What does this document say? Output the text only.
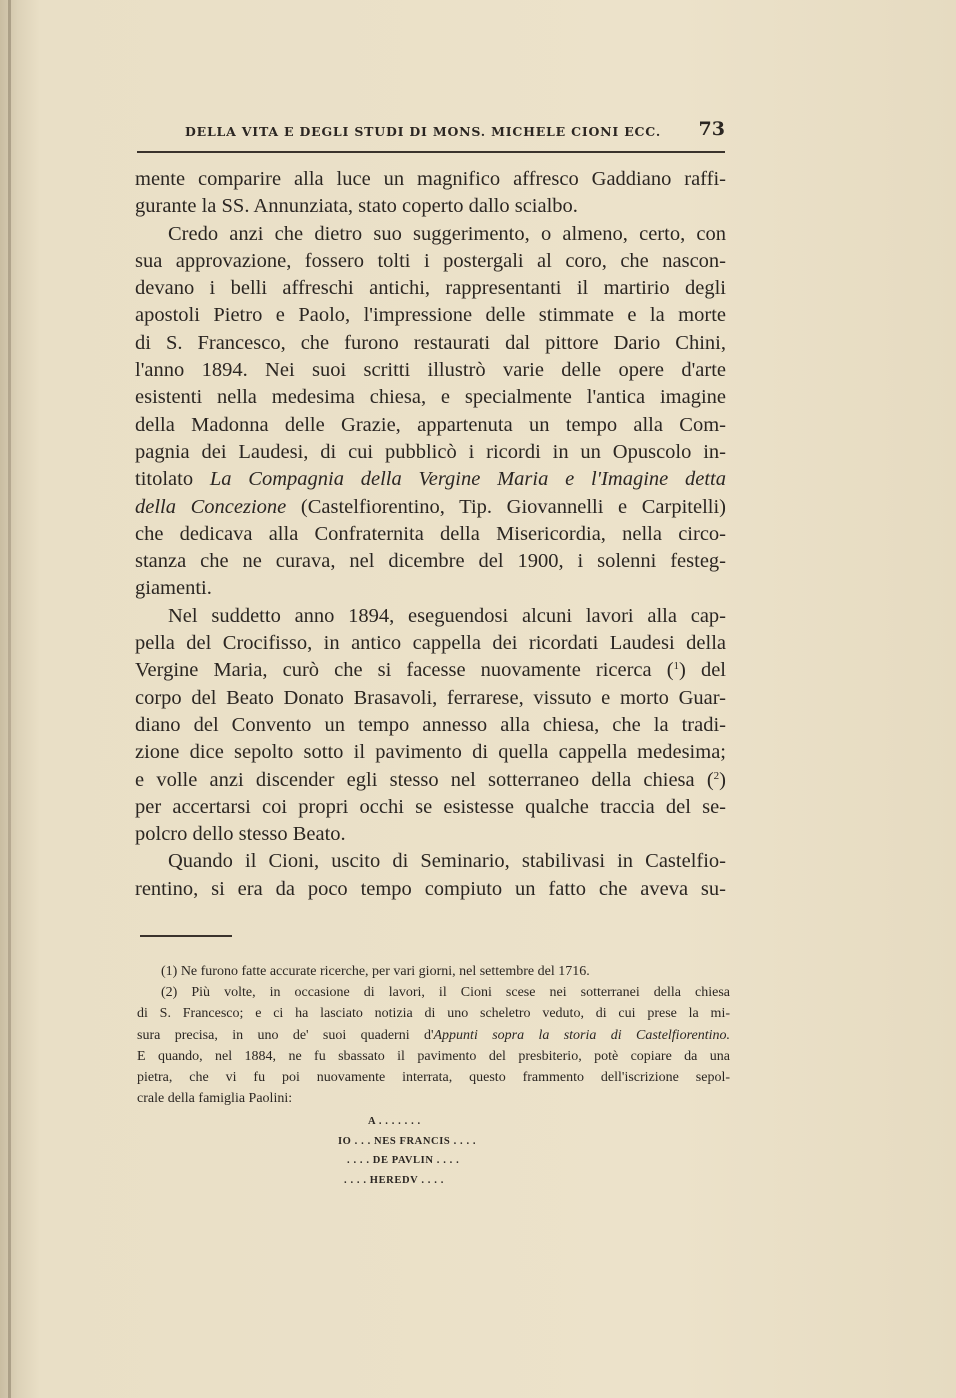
DELLA VITA E DEGLI STUDI DI MONS. MICHELE CIONI ECC. 73
mente comparire alla luce un magnifico affresco Gaddiano raffi-
gurante la SS. Annunziata, stato coperto dallo scialbo.
Credo anzi che dietro suo suggerimento, o almeno, certo, con
sua approvazione, fossero tolti i postergali al coro, che nascon-
devano i belli affreschi antichi, rappresentanti il martirio degli
apostoli Pietro e Paolo, l'impressione delle stimmate e la morte
di S. Francesco, che furono restaurati dal pittore Dario Chini,
l'anno 1894. Nei suoi scritti illustrò varie delle opere d'arte
esistenti nella medesima chiesa, e specialmente l'antica imagine
della Madonna delle Grazie, appartenuta un tempo alla Com-
pagnia dei Laudesi, di cui pubblicò i ricordi in un Opuscolo in-
titolato La Compagnia della Vergine Maria e l'Imagine detta
della Concezione (Castelfiorentino, Tip. Giovannelli e Carpitelli)
che dedicava alla Confraternita della Misericordia, nella circo-
stanza che ne curava, nel dicembre del 1900, i solenni festeg-
giamenti.
Nel suddetto anno 1894, eseguendosi alcuni lavori alla cap-
pella del Crocifisso, in antico cappella dei ricordati Laudesi della
Vergine Maria, curò che si facesse nuovamente ricerca ($^1$) del
corpo del Beato Donato Brasavoli, ferrarese, vissuto e morto Guar-
diano del Convento un tempo annesso alla chiesa, che la tradi-
zione dice sepolto sotto il pavimento di quella cappella medesima;
e volle anzi discender egli stesso nel sotterraneo della chiesa ($^2$)
per accertarsi coi propri occhi se esistesse qualche traccia del se-
polcro dello stesso Beato.
Quando il Cioni, uscito di Seminario, stabilivasi in Castelfio-
rentino, si era da poco tempo compiuto un fatto che aveva su-
(1) Ne furono fatte accurate ricerche, per vari giorni, nel settembre del 1716.
(2) Più volte, in occasione di lavori, il Cioni scese nei sotterranei della chiesa
di S. Francesco; e ci ha lasciato notizia di uno scheletro veduto, di cui prese la mi-
sura precisa, in uno de' suoi quaderni d'Appunti sopra la storia di Castelfiorentino.
E quando, nel 1884, ne fu sbassato il pavimento del presbiterio, potè copiare da una
pietra, che vi fu poi nuovamente interrata, questo frammento dell'iscrizione sepol-
crale della famiglia Paolini:
A . . . . . . .
IO . . . NES FRANCIS . . . .
. . . . DE PAVLIN . . . .
. . . . HEREDV . . . .
